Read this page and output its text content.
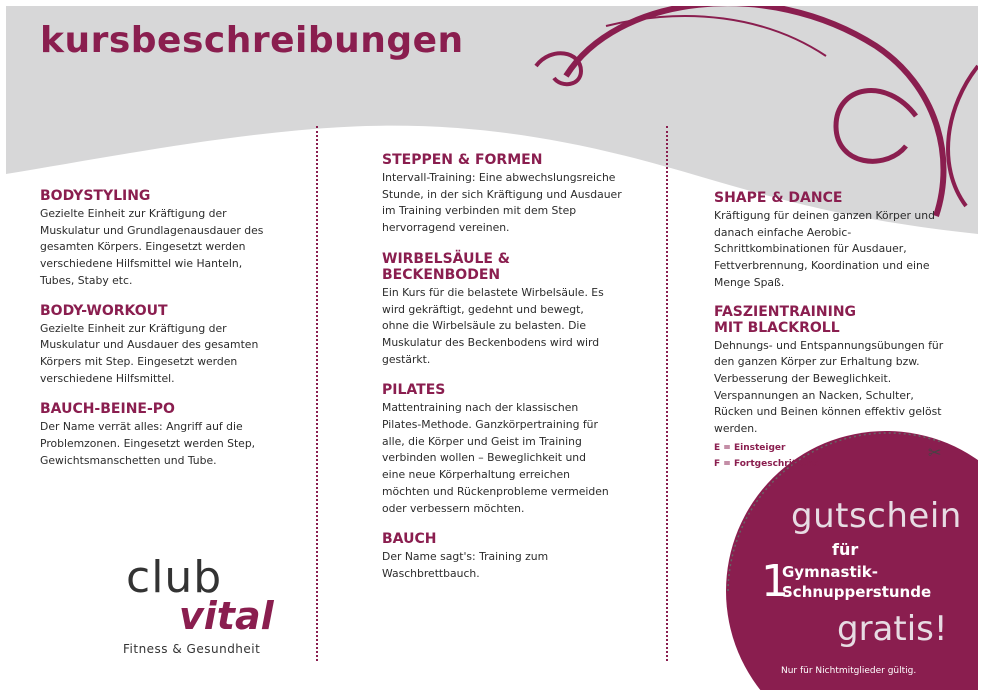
kursbeschreibungen
BODYSTYLING

Gezielte Einheit zur Kräftigung der Muskulatur und Grundlagenausdauer des gesamten Körpers. Eingesetzt werden verschiedene Hilfsmittel wie Hanteln, Tubes, Staby etc.

BODY-WORKOUT

Gezielte Einheit zur Kräftigung der Muskulatur und Ausdauer des gesamten Körpers mit Step. Eingesetzt werden verschiedene Hilfsmittel.

BAUCH-BEINE-PO

Der Name verrät alles: Angriff auf die Problemzonen. Eingesetzt werden Step, Gewichtsmanschetten und Tube.

STEPPEN & FORMEN

Intervall-Training: Eine abwechslungsreiche Stunde, in der sich Kräftigung und Ausdauer im Training verbinden mit dem Step hervorragend vereinen.

WIRBELSÄULE & BECKENBODEN

Ein Kurs für die belastete Wirbelsäule. Es wird gekräftigt, gedehnt und bewegt, ohne die Wirbelsäule zu belasten. Die Muskulatur des Beckenbodens wird wird gestärkt.

PILATES

Mattentraining nach der klassischen Pilates-Methode. Ganzkörpertraining für alle, die Körper und Geist im Training verbinden wollen – Beweglichkeit und eine neue Körperhaltung erreichen möchten und Rückenprobleme vermeiden oder verbessern möchten.

BAUCH

Der Name sagt's: Training zum Waschbrettbauch.

SHAPE & DANCE

Kräftigung für deinen ganzen Körper und danach einfache Aerobic-Schrittkombinationen für Ausdauer, Fettverbrennung, Koordination und eine Menge Spaß.

FASZIENTRAINING MIT BLACKROLL

Dehnungs- und Entspannungsübungen für den ganzen Körper zur Erhaltung bzw. Verbesserung der Beweglichkeit. Verspannungen an Nacken, Schulter, Rücken und Beinen können effektiv gelöst werden.

E = Einsteiger
F = Fortgeschrittene
club
vital
Fitness & Gesundheit
✂
gutschein
für
1
Gymnastik-
Schnupperstunde
gratis!
Nur für Nichtmitglieder gültig.
